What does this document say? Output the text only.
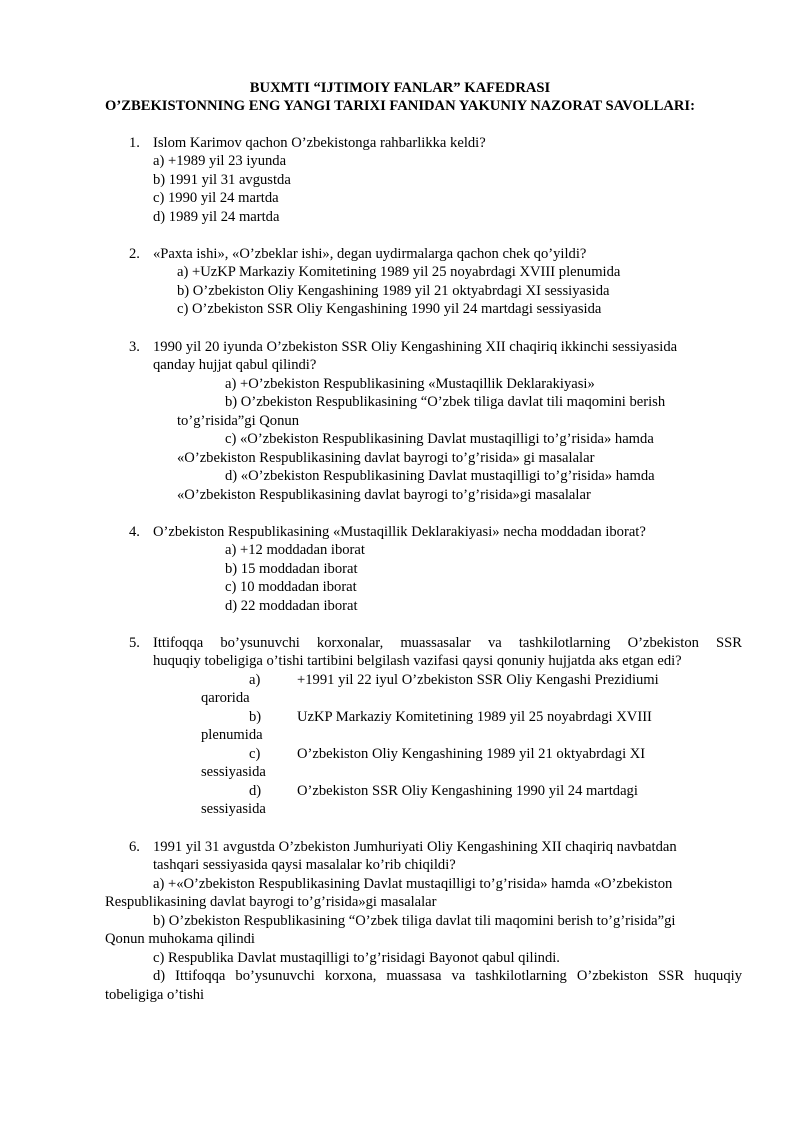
BUXMTI “IJTIMOIY FANLAR” KAFEDRASI
O’ZBEKISTONNING ENG YANGI TARIXI FANIDAN YAKUNIY NAZORAT SAVOLLARI:
1. Islom Karimov qachon O’zbekistonga rahbarlikka keldi?
a) +1989 yil 23 iyunda
b) 1991 yil 31 avgustda
c) 1990 yil 24 martda
d) 1989 yil 24 martda
2. «Paxta ishi», «O’zbeklar ishi», degan uydirmalarga qachon chek qo’yildi?
a) +UzKP Markaziy Komitetining 1989 yil 25 noyabrdagi XVIII plenumida
b) O’zbekiston Oliy Kengashining 1989 yil 21 oktyabrdagi XI sessiyasida
c) O’zbekiston SSR Oliy Kengashining 1990 yil 24 martdagi sessiyasida
3. 1990 yil 20 iyunda O’zbekiston SSR Oliy Kengashining XII chaqiriq ikkinchi sessiyasida
qanday hujjat qabul qilindi?
a) +O’zbekiston Respublikasining «Mustaqillik Deklarakiyasi»
b) O’zbekiston Respublikasining “O’zbek tiliga davlat tili maqomini berish
to’g’risida”gi Qonun
c) «O’zbekiston Respublikasining Davlat mustaqilligi to’g’risida» hamda
«O’zbekiston Respublikasining davlat bayrogi to’g’risida» gi masalalar
d) «O’zbekiston Respublikasining Davlat mustaqilligi to’g’risida» hamda
«O’zbekiston Respublikasining davlat bayrogi to’g’risida»gi masalalar
4. O’zbekiston Respublikasining «Mustaqillik Deklarakiyasi» necha moddadan iborat?
a) +12 moddadan iborat
b) 15 moddadan iborat
c) 10 moddadan iborat
d) 22 moddadan iborat
5. Ittifoqqa bo’ysunuvchi korxonalar, muassasalar va tashkilotlarning O’zbekiston SSR
huquqiy tobeligiga o’tishi tartibini belgilash vazifasi qaysi qonuniy hujjatda aks etgan edi?
a)	+1991 yil 22 iyul O’zbekiston SSR Oliy Kengashi Prezidiumi
qarorida
b) UzKP Markaziy Komitetining 1989 yil 25 noyabrdagi XVIII
plenumida
c)	O’zbekiston Oliy Kengashining 1989 yil 21 oktyabrdagi XI
sessiyasida
d) O’zbekiston SSR Oliy Kengashining 1990 yil 24 martdagi
sessiyasida
6. 1991 yil 31 avgustda O’zbekiston Jumhuriyati Oliy Kengashining XII chaqiriq navbatdan
tashqari sessiyasida qaysi masalalar ko’rib chiqildi?
a) +«O’zbekiston Respublikasining Davlat mustaqilligi to’g’risida» hamda «O’zbekiston
Respublikasining davlat bayrogi to’g’risida»gi masalalar
b) O’zbekiston Respublikasining “O’zbek tiliga davlat tili maqomini berish to’g’risida”gi
Qonun muhokama qilindi
c) Respublika Davlat mustaqilligi to’g’risidagi Bayonot qabul qilindi.
d) Ittifoqqa bo’ysunuvchi korxona, muassasa va tashkilotlarning O’zbekiston SSR huquqiy
tobeligiga o’tishi
